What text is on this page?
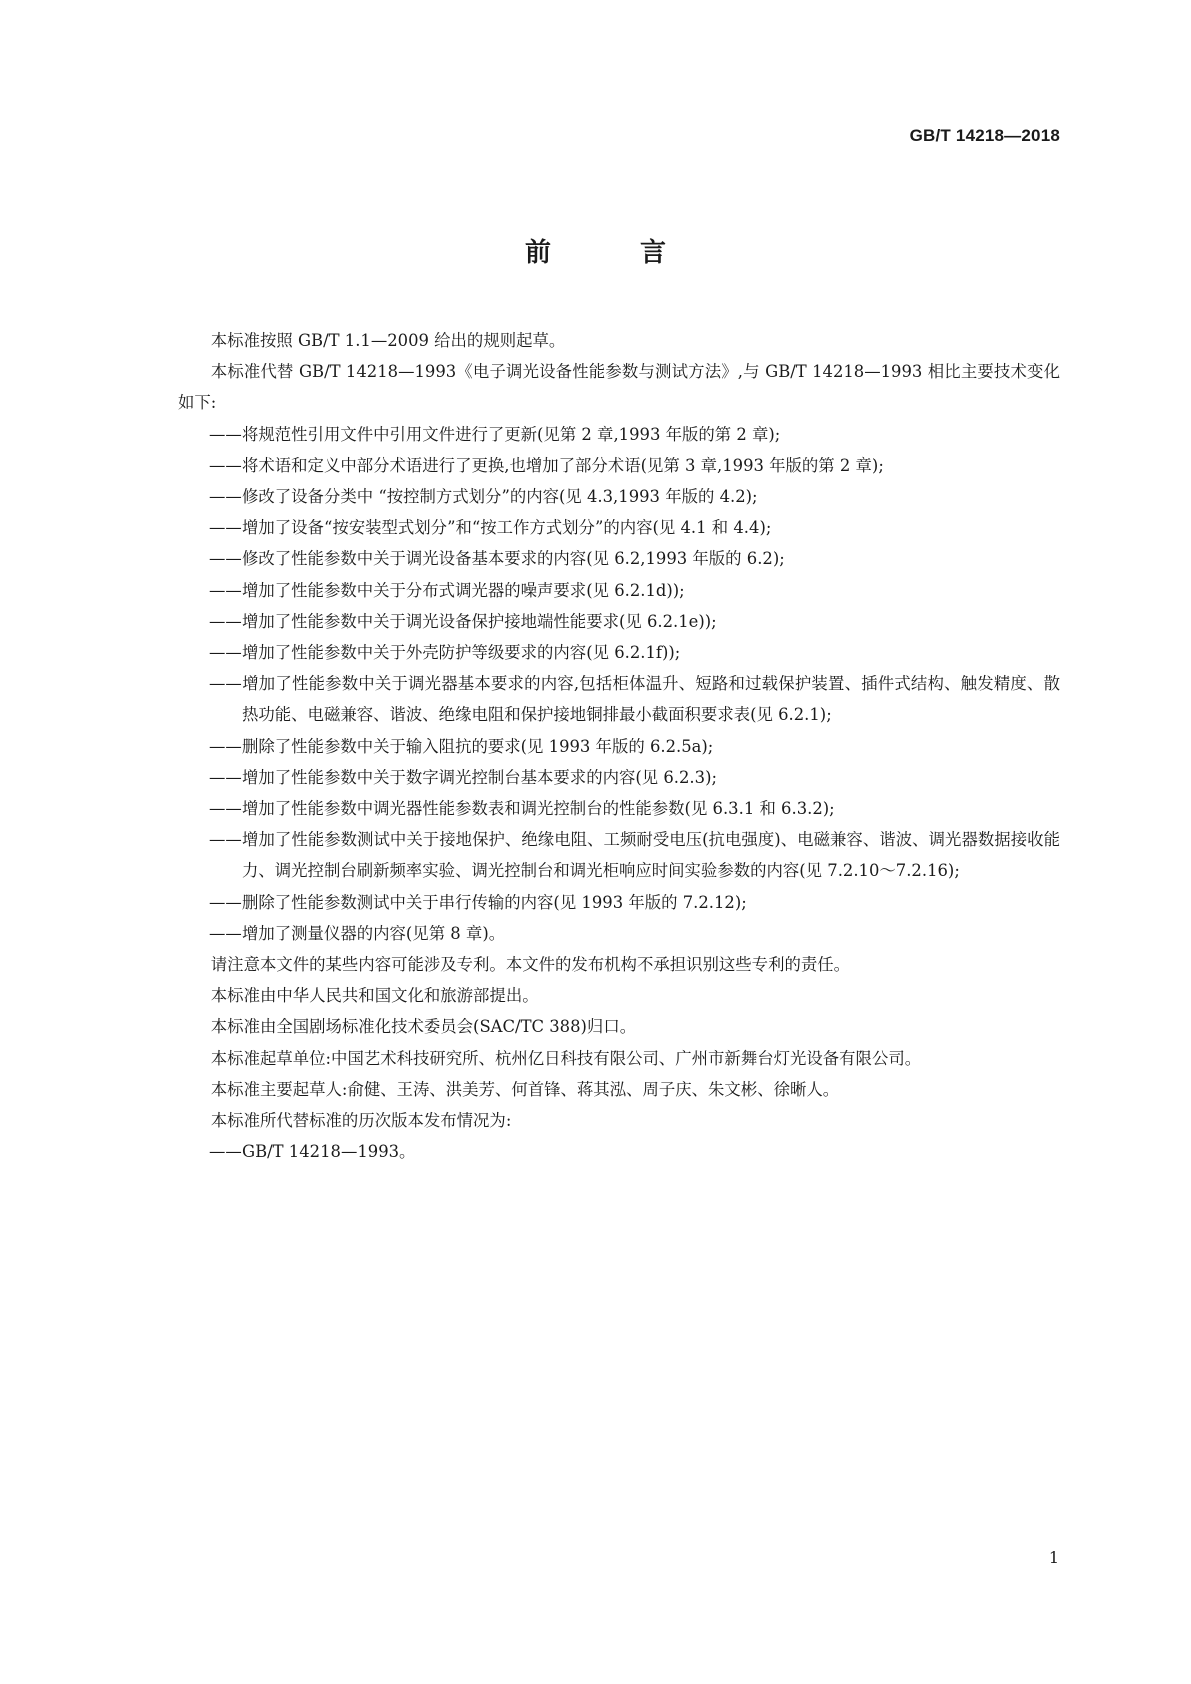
GB/T 14218—2018
前 言

本标准按照 GB/T 1.1—2009 给出的规则起草。

本标准代替 GB/T 14218—1993《电子调光设备性能参数与测试方法》,与 GB/T 14218—1993 相比主要技术变化如下:

——将规范性引用文件中引用文件进行了更新(见第 2 章,1993 年版的第 2 章);

——将术语和定义中部分术语进行了更换,也增加了部分术语(见第 3 章,1993 年版的第 2 章);

——修改了设备分类中 “按控制方式划分”的内容(见 4.3,1993 年版的 4.2);

——增加了设备“按安装型式划分”和“按工作方式划分”的内容(见 4.1 和 4.4);

——修改了性能参数中关于调光设备基本要求的内容(见 6.2,1993 年版的 6.2);

——增加了性能参数中关于分布式调光器的噪声要求(见 6.2.1d));

——增加了性能参数中关于调光设备保护接地端性能要求(见 6.2.1e));

——增加了性能参数中关于外壳防护等级要求的内容(见 6.2.1f));

——增加了性能参数中关于调光器基本要求的内容,包括柜体温升、短路和过载保护装置、插件式结构、触发精度、散热功能、电磁兼容、谐波、绝缘电阻和保护接地铜排最小截面积要求表(见 6.2.1);

——删除了性能参数中关于输入阻抗的要求(见 1993 年版的 6.2.5a);

——增加了性能参数中关于数字调光控制台基本要求的内容(见 6.2.3);

——增加了性能参数中调光器性能参数表和调光控制台的性能参数(见 6.3.1 和 6.3.2);

——增加了性能参数测试中关于接地保护、绝缘电阻、工频耐受电压(抗电强度)、电磁兼容、谐波、调光器数据接收能力、调光控制台刷新频率实验、调光控制台和调光柜响应时间实验参数的内容(见 7.2.10～7.2.16);

——删除了性能参数测试中关于串行传输的内容(见 1993 年版的 7.2.12);

——增加了测量仪器的内容(见第 8 章)。

请注意本文件的某些内容可能涉及专利。本文件的发布机构不承担识别这些专利的责任。

本标准由中华人民共和国文化和旅游部提出。

本标准由全国剧场标准化技术委员会(SAC/TC 388)归口。

本标准起草单位:中国艺术科技研究所、杭州亿日科技有限公司、广州市新舞台灯光设备有限公司。

本标准主要起草人:俞健、王涛、洪美芳、何首锋、蒋其泓、周子庆、朱文彬、徐晰人。

本标准所代替标准的历次版本发布情况为:

——GB/T 14218—1993。

1
